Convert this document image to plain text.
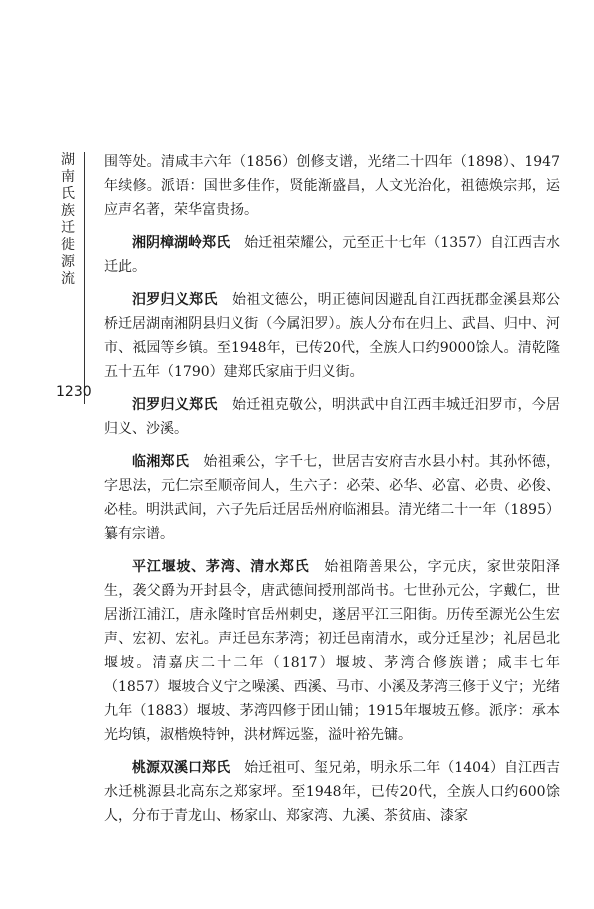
湖南氏族迁徙源流
1230

围等处。清咸丰六年（1856）创修支谱，光绪二十四年（1898）、1947年续修。派语：国世多佳作，贤能渐盛昌，人文光治化，祖德焕宗邦，运应声名著，荣华富贵扬。

湘阴樟湖岭郑氏　 始迁祖荣耀公，元至正十七年（1357）自江西吉水迁此。

汨罗归义郑氏　 始祖文德公，明正德间因避乱自江西抚郡金溪县郑公桥迁居湖南湘阴县归义街（今属汨罗）。族人分布在归上、武昌、归中、河市、祗园等乡镇。至1948年，已传20代，全族人口约9000馀人。清乾隆五十五年（1790）建郑氏家庙于归义街。

汨罗归义郑氏　 始迁祖克敬公，明洪武中自江西丰城迁汨罗市，今居归义、沙溪。

临湘郑氏　 始祖乘公，字千七，世居吉安府吉水县小村。其孙怀德，字思法，元仁宗至顺帝间人，生六子：必荣、必华、必富、必贵、必俊、必桂。明洪武间，六子先后迁居岳州府临湘县。清光绪二十一年（1895）纂有宗谱。

平江堰坡、茅湾、清水郑氏　 始祖隋善果公，字元庆，家世荥阳泽生，袭父爵为开封县令，唐武德间授刑部尚书。七世孙元公，字戴仁，世居浙江浦江，唐永隆时官岳州刺史，遂居平江三阳街。历传至源光公生宏声、宏初、宏礼。声迁邑东茅湾；初迁邑南清水，或分迁星沙；礼居邑北堰坡。清嘉庆二十二年（1817）堰坡、茅湾合修族谱；咸丰七年（1857）堰坡合义宁之噪溪、西溪、马市、小溪及茅湾三修于义宁；光绪九年（1883）堰坡、茅湾四修于团山铺；1915年堰坡五修。派序：承本光均镇，淑楷焕特钟，洪材辉远鉴，溢叶裕先镛。

桃源双溪口郑氏　 始迁祖可、玺兄弟，明永乐二年（1404）自江西吉水迁桃源县北高东之郑家坪。至1948年，已传20代，全族人口约600馀人，分布于青龙山、杨家山、郑家湾、九溪、茶贫庙、漆家
